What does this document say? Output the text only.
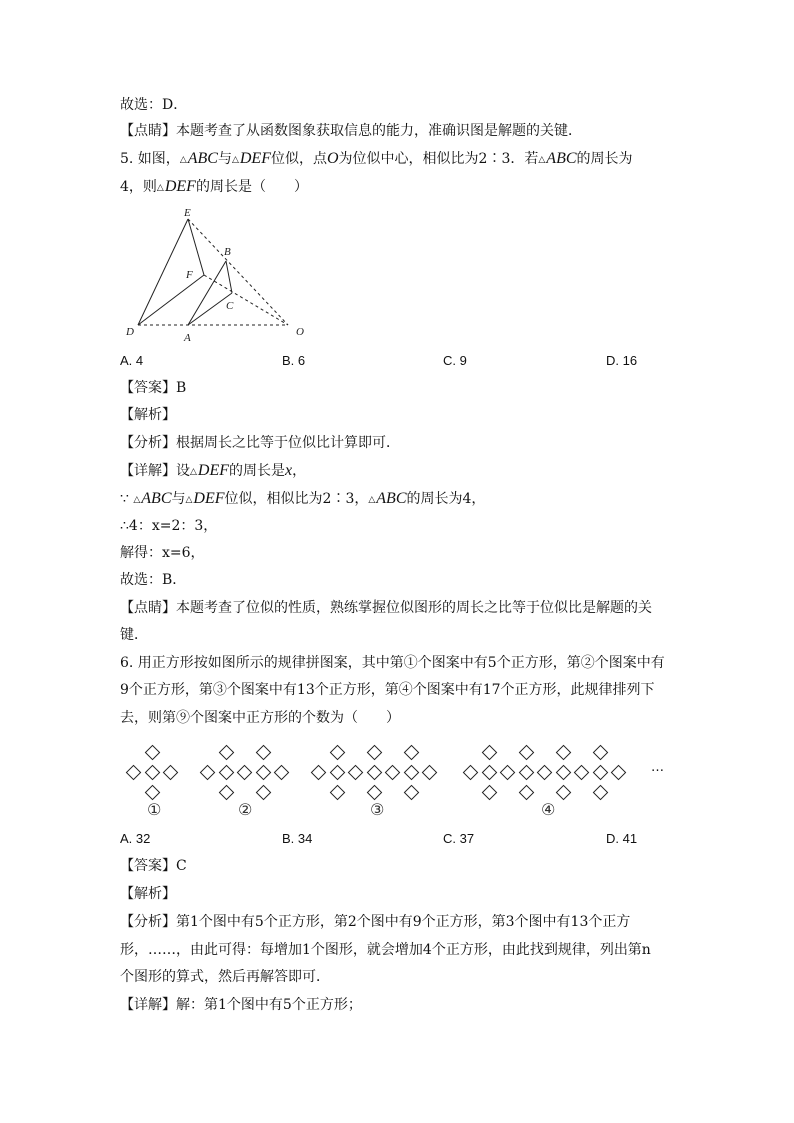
故选：D．
【点睛】本题考查了从函数图象获取信息的能力，准确识图是解题的关键．
5. 如图，△ABC与△DEF位似，点O为位似中心，相似比为2∶3．若△ABC的周长为
4，则△DEF的周长是（　　）
E
B
F
C
D	A	O
A. 4	B. 6	C. 9	D. 16
【答案】B
【解析】
【分析】根据周长之比等于位似比计算即可．
【详解】设△DEF的周长是x，
∵ △ABC与△DEF位似，相似比为2∶3，△ABC的周长为4，
∴4：x=2：3，
解得：x=6，
故选：B．
【点睛】本题考查了位似的性质，熟练掌握位似图形的周长之比等于位似比是解题的关
键．
6. 用正方形按如图所示的规律拼图案，其中第①个图案中有5个正方形，第②个图案中有
9个正方形，第③个图案中有13个正方形，第④个图案中有17个正方形，此规律排列下
去，则第⑨个图案中正方形的个数为（　　）
①	②	③	④
…
A. 32	B. 34	C. 37	D. 41
【答案】C
【解析】
【分析】第1个图中有5个正方形，第2个图中有9个正方形，第3个图中有13个正方
形，……，由此可得：每增加1个图形，就会增加4个正方形，由此找到规律，列出第n
个图形的算式，然后再解答即可．
【详解】解：第1个图中有5个正方形；
